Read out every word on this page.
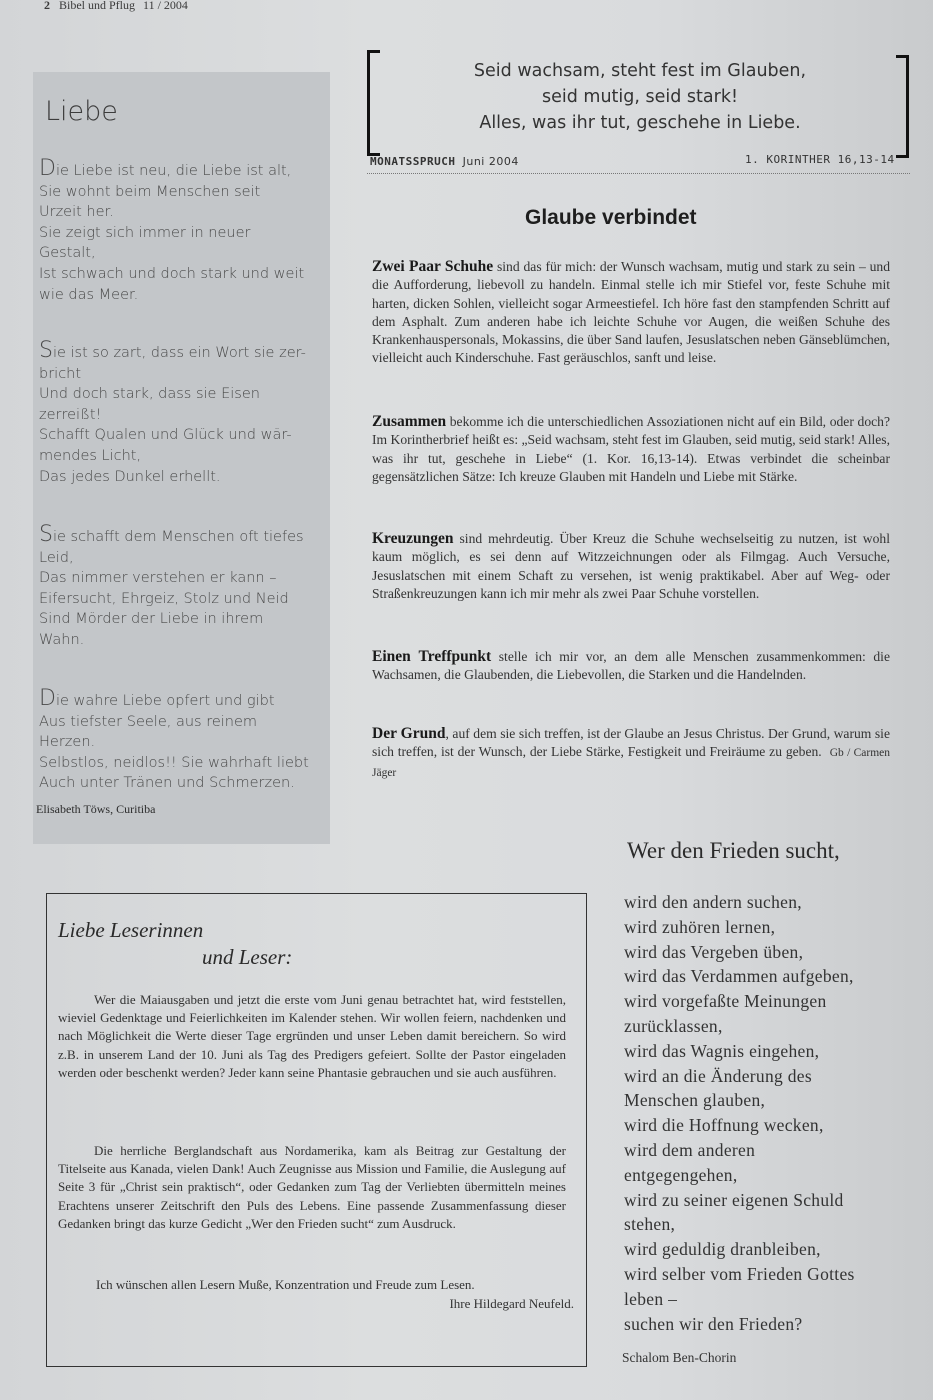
2 Bibel und Pflug 11 / 2004
Liebe
Die Liebe ist neu, die Liebe ist alt,
Sie wohnt beim Menschen seit
Urzeit her.
Sie zeigt sich immer in neuer
Gestalt,
Ist schwach und doch stark und weit
wie das Meer.
Sie ist so zart, dass ein Wort sie zer-
bricht
Und doch stark, dass sie Eisen
zerreißt!
Schafft Qualen und Glück und wär-
mendes Licht,
Das jedes Dunkel erhellt.
Sie schafft dem Menschen oft tiefes
Leid,
Das nimmer verstehen er kann –
Eifersucht, Ehrgeiz, Stolz und Neid
Sind Mörder der Liebe in ihrem
Wahn.
Die wahre Liebe opfert und gibt
Aus tiefster Seele, aus reinem
Herzen.
Selbstlos, neidlos!! Sie wahrhaft liebt
Auch unter Tränen und Schmerzen.
Elisabeth Töws, Curitiba
Seid wachsam, steht fest im Glauben,
seid mutig, seid stark!
Alles, was ihr tut, geschehe in Liebe.
MONATSSPRUCH Juni 2004	1. KORINTHER 16,13-14
Glaube verbindet
Zwei Paar Schuhe sind das für mich: der Wunsch wachsam, mutig und stark zu sein – und die Aufforderung, liebevoll zu handeln. Einmal stelle ich mir Stiefel vor, feste Schuhe mit harten, dicken Sohlen, vielleicht sogar Armeestiefel. Ich höre fast den stampfenden Schritt auf dem Asphalt. Zum anderen habe ich leichte Schuhe vor Augen, die weißen Schuhe des Krankenhauspersonals, Mokassins, die über Sand laufen, Jesuslatschen neben Gänseblümchen, vielleicht auch Kinderschuhe. Fast geräuschlos, sanft und leise.
Zusammen bekomme ich die unterschiedlichen Assoziationen nicht auf ein Bild, oder doch? Im Korintherbrief heißt es: „Seid wachsam, steht fest im Glauben, seid mutig, seid stark! Alles, was ihr tut, geschehe in Liebe“ (1. Kor. 16,13-14). Etwas verbindet die scheinbar gegensätzlichen Sätze: Ich kreuze Glauben mit Handeln und Liebe mit Stärke.
Kreuzungen sind mehrdeutig. Über Kreuz die Schuhe wechselseitig zu nutzen, ist wohl kaum möglich, es sei denn auf Witzzeichnungen oder als Filmgag. Auch Versuche, Jesuslatschen mit einem Schaft zu versehen, ist wenig praktikabel. Aber auf Weg- oder Straßenkreuzungen kann ich mir mehr als zwei Paar Schuhe vorstellen.
Einen Treffpunkt stelle ich mir vor, an dem alle Menschen zusammenkommen: die Wachsamen, die Glaubenden, die Liebevollen, die Starken und die Handelnden.
Der Grund, auf dem sie sich treffen, ist der Glaube an Jesus Christus. Der Grund, warum sie sich treffen, ist der Wunsch, der Liebe Stärke, Festigkeit und Freiräume zu geben. Gb / Carmen Jäger
Liebe Leserinnen
und Leser:
Wer die Maiausgaben und jetzt die erste vom Juni genau betrachtet hat, wird feststellen, wieviel Gedenktage und Feierlichkeiten im Kalender stehen. Wir wollen feiern, nachdenken und nach Möglichkeit die Werte dieser Tage ergründen und unser Leben damit bereichern. So wird z.B. in unserem Land der 10. Juni als Tag des Predigers gefeiert. Sollte der Pastor eingeladen werden oder beschenkt werden? Jeder kann seine Phantasie gebrauchen und sie auch ausführen.
Die herrliche Berglandschaft aus Nordamerika, kam als Beitrag zur Gestaltung der Titelseite aus Kanada, vielen Dank! Auch Zeugnisse aus Mission und Familie, die Auslegung auf Seite 3 für „Christ sein praktisch“, oder Gedanken zum Tag der Verliebten übermitteln meines Erachtens unserer Zeitschrift den Puls des Lebens. Eine passende Zusammenfassung dieser Gedanken bringt das kurze Gedicht „Wer den Frieden sucht“ zum Ausdruck.
Ich wünschen allen Lesern Muße, Konzentration und Freude zum Lesen.
Ihre Hildegard Neufeld.
Wer den Frieden sucht,
wird den andern suchen,
wird zuhören lernen,
wird das Vergeben üben,
wird das Verdammen aufgeben,
wird vorgefaßte Meinungen
zurücklassen,
wird das Wagnis eingehen,
wird an die Änderung des
Menschen glauben,
wird die Hoffnung wecken,
wird dem anderen
entgegengehen,
wird zu seiner eigenen Schuld
stehen,
wird geduldig dranbleiben,
wird selber vom Frieden Gottes
leben –
suchen wir den Frieden?
Schalom Ben-Chorin
